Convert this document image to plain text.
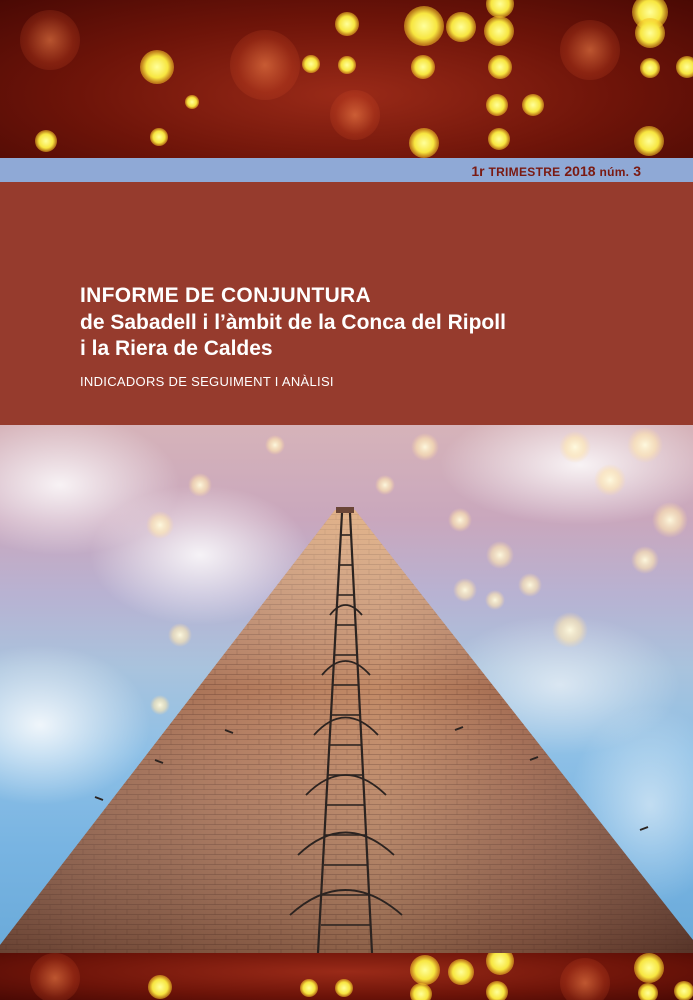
1r TRIMESTRE 2018 núm. 3
INFORME DE CONJUNTURA
de Sabadell i l’àmbit de la Conca del Ripoll
i la Riera de Caldes
INDICADORS DE SEGUIMENT I ANÀLISI
